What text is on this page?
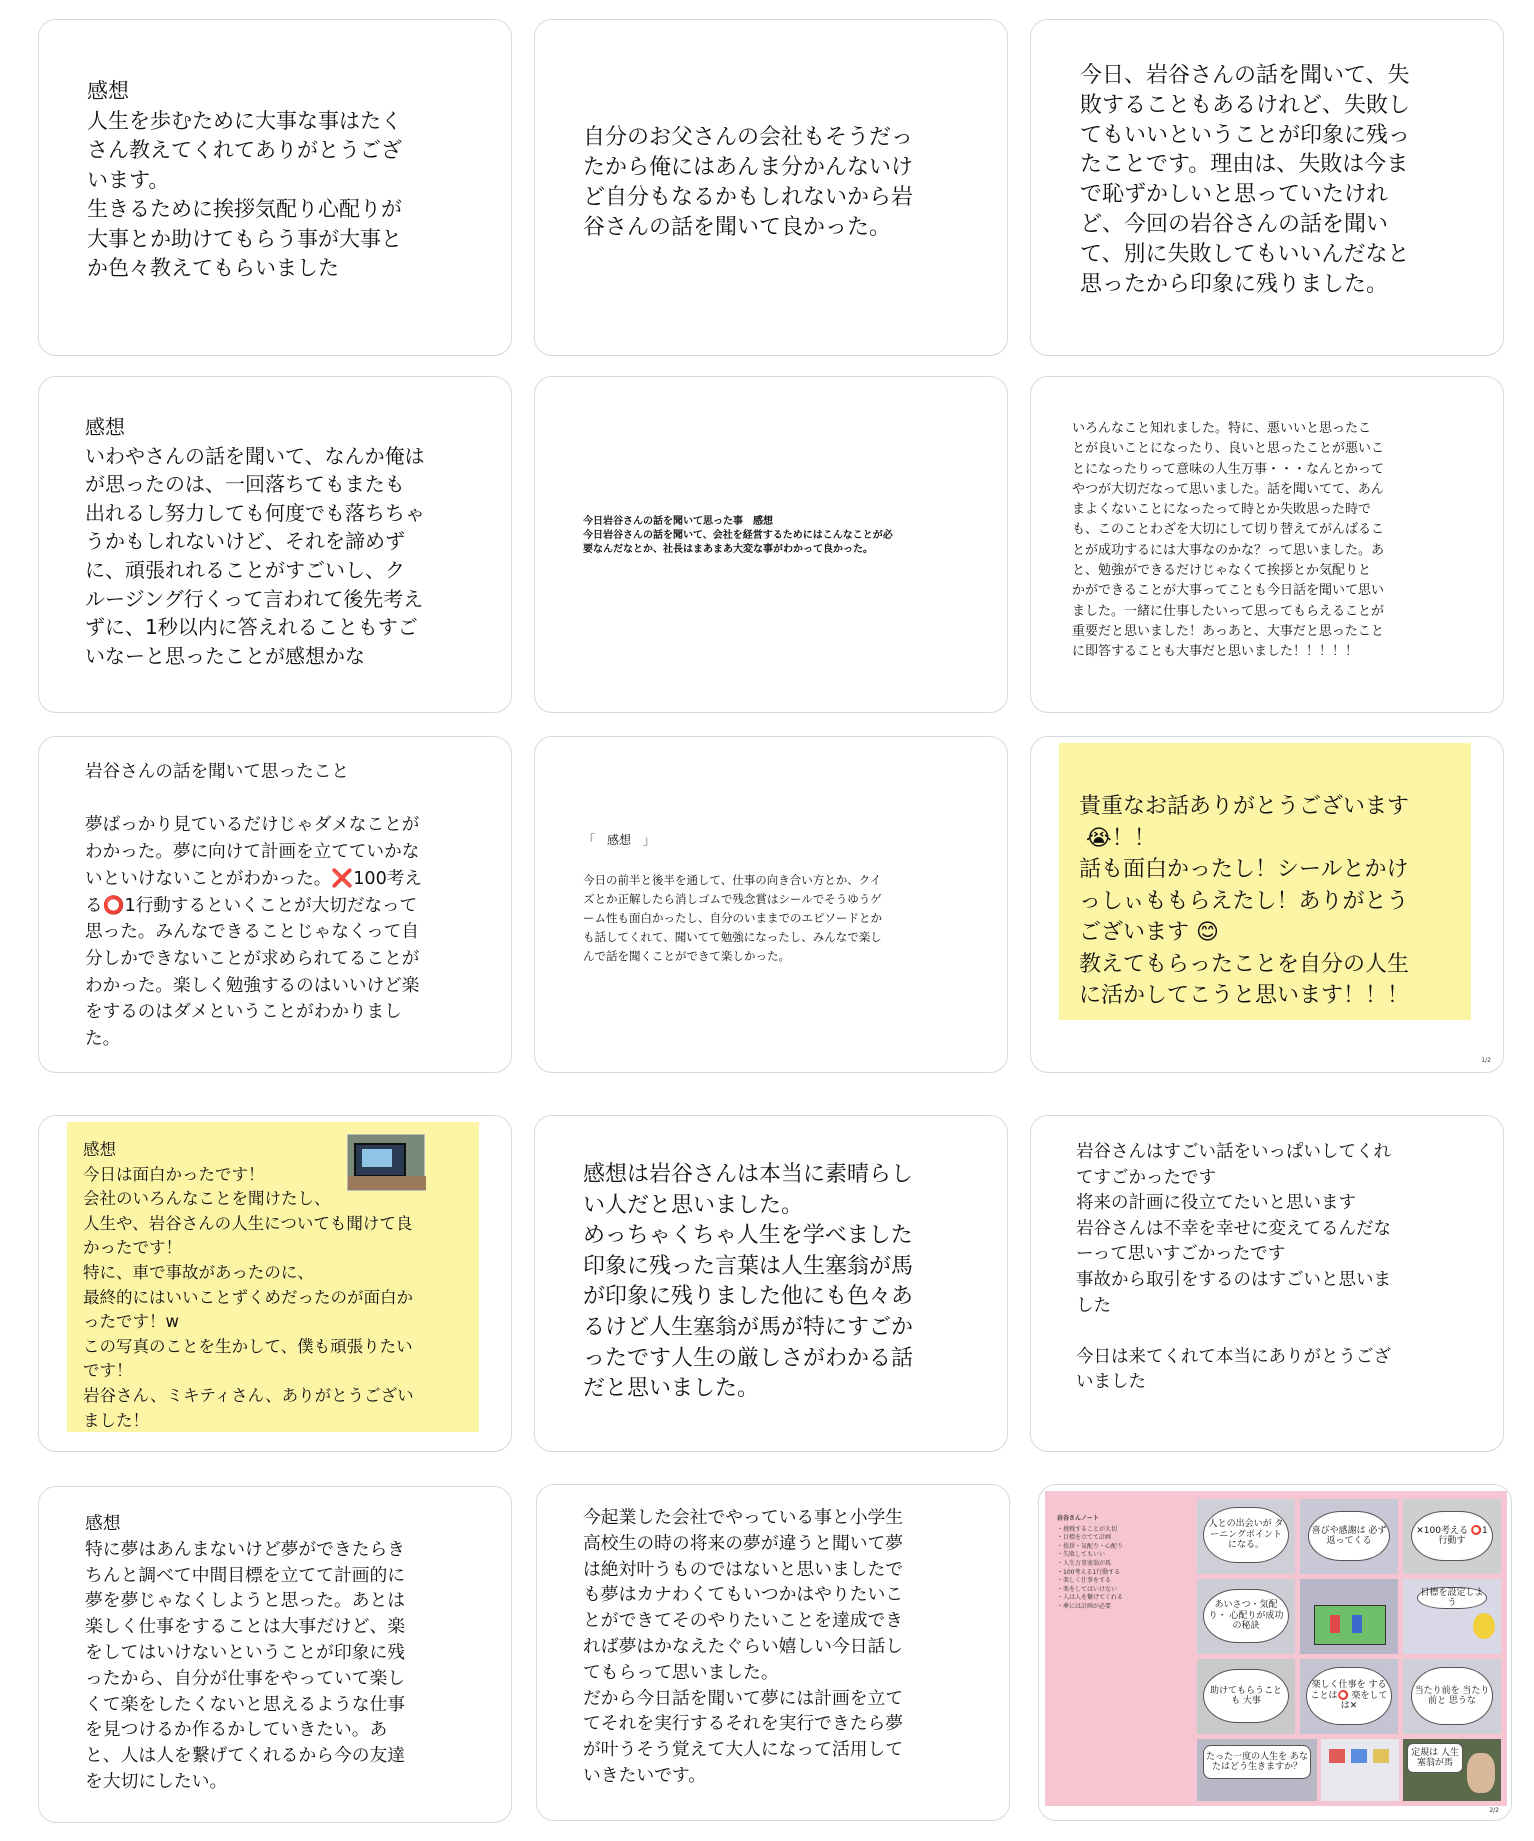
感想
人生を歩むために大事な事はたく
さん教えてくれてありがとうござ
います。
生きるために挨拶気配り心配りが
大事とか助けてもらう事が大事と
か色々教えてもらいました

自分のお父さんの会社もそうだっ
たから俺にはあんま分かんないけ
ど自分もなるかもしれないから岩
谷さんの話を聞いて良かった。

今日、岩谷さんの話を聞いて、失
敗することもあるけれど、失敗し
てもいいということが印象に残っ
たことです。理由は、失敗は今ま
で恥ずかしいと思っていたけれ
ど、今回の岩谷さんの話を聞い
て、別に失敗してもいいんだなと
思ったから印象に残りました。

感想
いわやさんの話を聞いて、なんか俺は
が思ったのは、一回落ちてもまたも
出れるし努力しても何度でも落ちちゃ
うかもしれないけど、それを諦めず
に、頑張れれることがすごいし、ク
ルージング行くって言われて後先考え
ずに、1秒以内に答えれることもすご
いなーと思ったことが感想かな

今日岩谷さんの話を聞いて思った事　感想
今日岩谷さんの話を聞いて、会社を経営するためにはこんなことが必
要なんだなとか、社長はまあまあ大変な事がわかって良かった。

いろんなこと知れました。特に、悪いいと思ったこ
とが良いことになったり、良いと思ったことが悪いこ
とになったりって意味の人生万事・・・なんとかって
やつが大切だなって思いました。話を聞いてて、あん
まよくないことになったって時とか失敗思った時で
も、このことわざを大切にして切り替えてがんばるこ
とが成功するには大事なのかな？って思いました。あ
と、勉強ができるだけじゃなくて挨拶とか気配りと
かができることが大事ってことも今日話を聞いて思い
ました。一緒に仕事したいって思ってもらえることが
重要だと思いました！あっあと、大事だと思ったこと
に即答することも大事だと思いました！！！！！

岩谷さんの話を聞いて思ったこと

夢ばっかり見ているだけじゃダメなことが
わかった。夢に向けて計画を立てていかな
いといけないことがわかった。❌100考え
る⭕1行動するといくことが大切だなって
思った。みんなできることじゃなくって自
分しかできないことが求められてることが
わかった。楽しく勉強するのはいいけど楽
をするのはダメということがわかりまし
た。

「　感想　」

今日の前半と後半を通して、仕事の向き合い方とか、クイ
ズとか正解したら消しゴムで残念賞はシールでそうゆうゲ
ーム性も面白かったし、自分のいままでのエピソードとか
も話してくれて、聞いてて勉強になったし、みんなで楽し
んで話を聞くことができて楽しかった。

貴重なお話ありがとうございます
😭！！
話も面白かったし！シールとかけ
っしぃももらえたし！ありがとう
ございます 😊
教えてもらったことを自分の人生
に活かしてこうと思います！！！

1/2

感想
今日は面白かったです！
会社のいろんなことを聞けたし、
人生や、岩谷さんの人生についても聞けて良
かったです！
特に、車で事故があったのに、
最終的にはいいことずくめだったのが面白か
ったです！w
この写真のことを生かして、僕も頑張りたい
です！
岩谷さん、ミキティさん、ありがとうござい
ました！

感想は岩谷さんは本当に素晴らし
い人だと思いました。
めっちゃくちゃ人生を学べました
印象に残った言葉は人生塞翁が馬
が印象に残りました他にも色々あ
るけど人生塞翁が馬が特にすごか
ったです人生の厳しさがわかる話
だと思いました。

岩谷さんはすごい話をいっぱいしてくれ
てすごかったです
将来の計画に役立てたいと思います
岩谷さんは不幸を幸せに変えてるんだな
ーって思いすごかったです
事故から取引をするのはすごいと思いま
した

今日は来てくれて本当にありがとうござ
いました

感想
特に夢はあんまないけど夢ができたらき
ちんと調べて中間目標を立てて計画的に
夢を夢じゃなくしようと思った。あとは
楽しく仕事をすることは大事だけど、楽
をしてはいけないということが印象に残
ったから、自分が仕事をやっていて楽し
くて楽をしたくないと思えるような仕事
を見つけるか作るかしていきたい。あ
と、人は人を繋げてくれるから今の友達
を大切にしたい。

今起業した会社でやっている事と小学生
高校生の時の将来の夢が違うと聞いて夢
は絶対叶うものではないと思いましたで
も夢はカナわくてもいつかはやりたいこ
とができてそのやりたいことを達成でき
れば夢はかなえたぐらい嬉しい今日話し
てもらって思いました。
だから今日話を聞いて夢には計画を立て
てそれを実行するそれを実行できたら夢
が叶うそう覚えて大人になって活用して
いきたいです。

岩谷さんノート
・挑戦することが大切
・目標を立てて計画
・挨拶・気配り・心配り
・失敗してもいい
・人生万事塞翁が馬
・100考える1行動する
・楽しく仕事をする
・楽をしてはいけない
・人は人を繋げてくれる
・夢には計画が必要
人との出会いが ターニングポイント になる。
喜びや感謝は 必ず返ってくる
✕100考える ⭕1行動す
あいさつ・気配り・ 心配りが成功の秘訣
目標を設定しよう
助けてもらうことも 大事
楽しく仕事を することは⭕ 楽をしては✕
当たり前を 当たり前と 思うな
たった一度の人生を あなたはどう生きますか？
定規は 人生塞翁が馬
2/2
